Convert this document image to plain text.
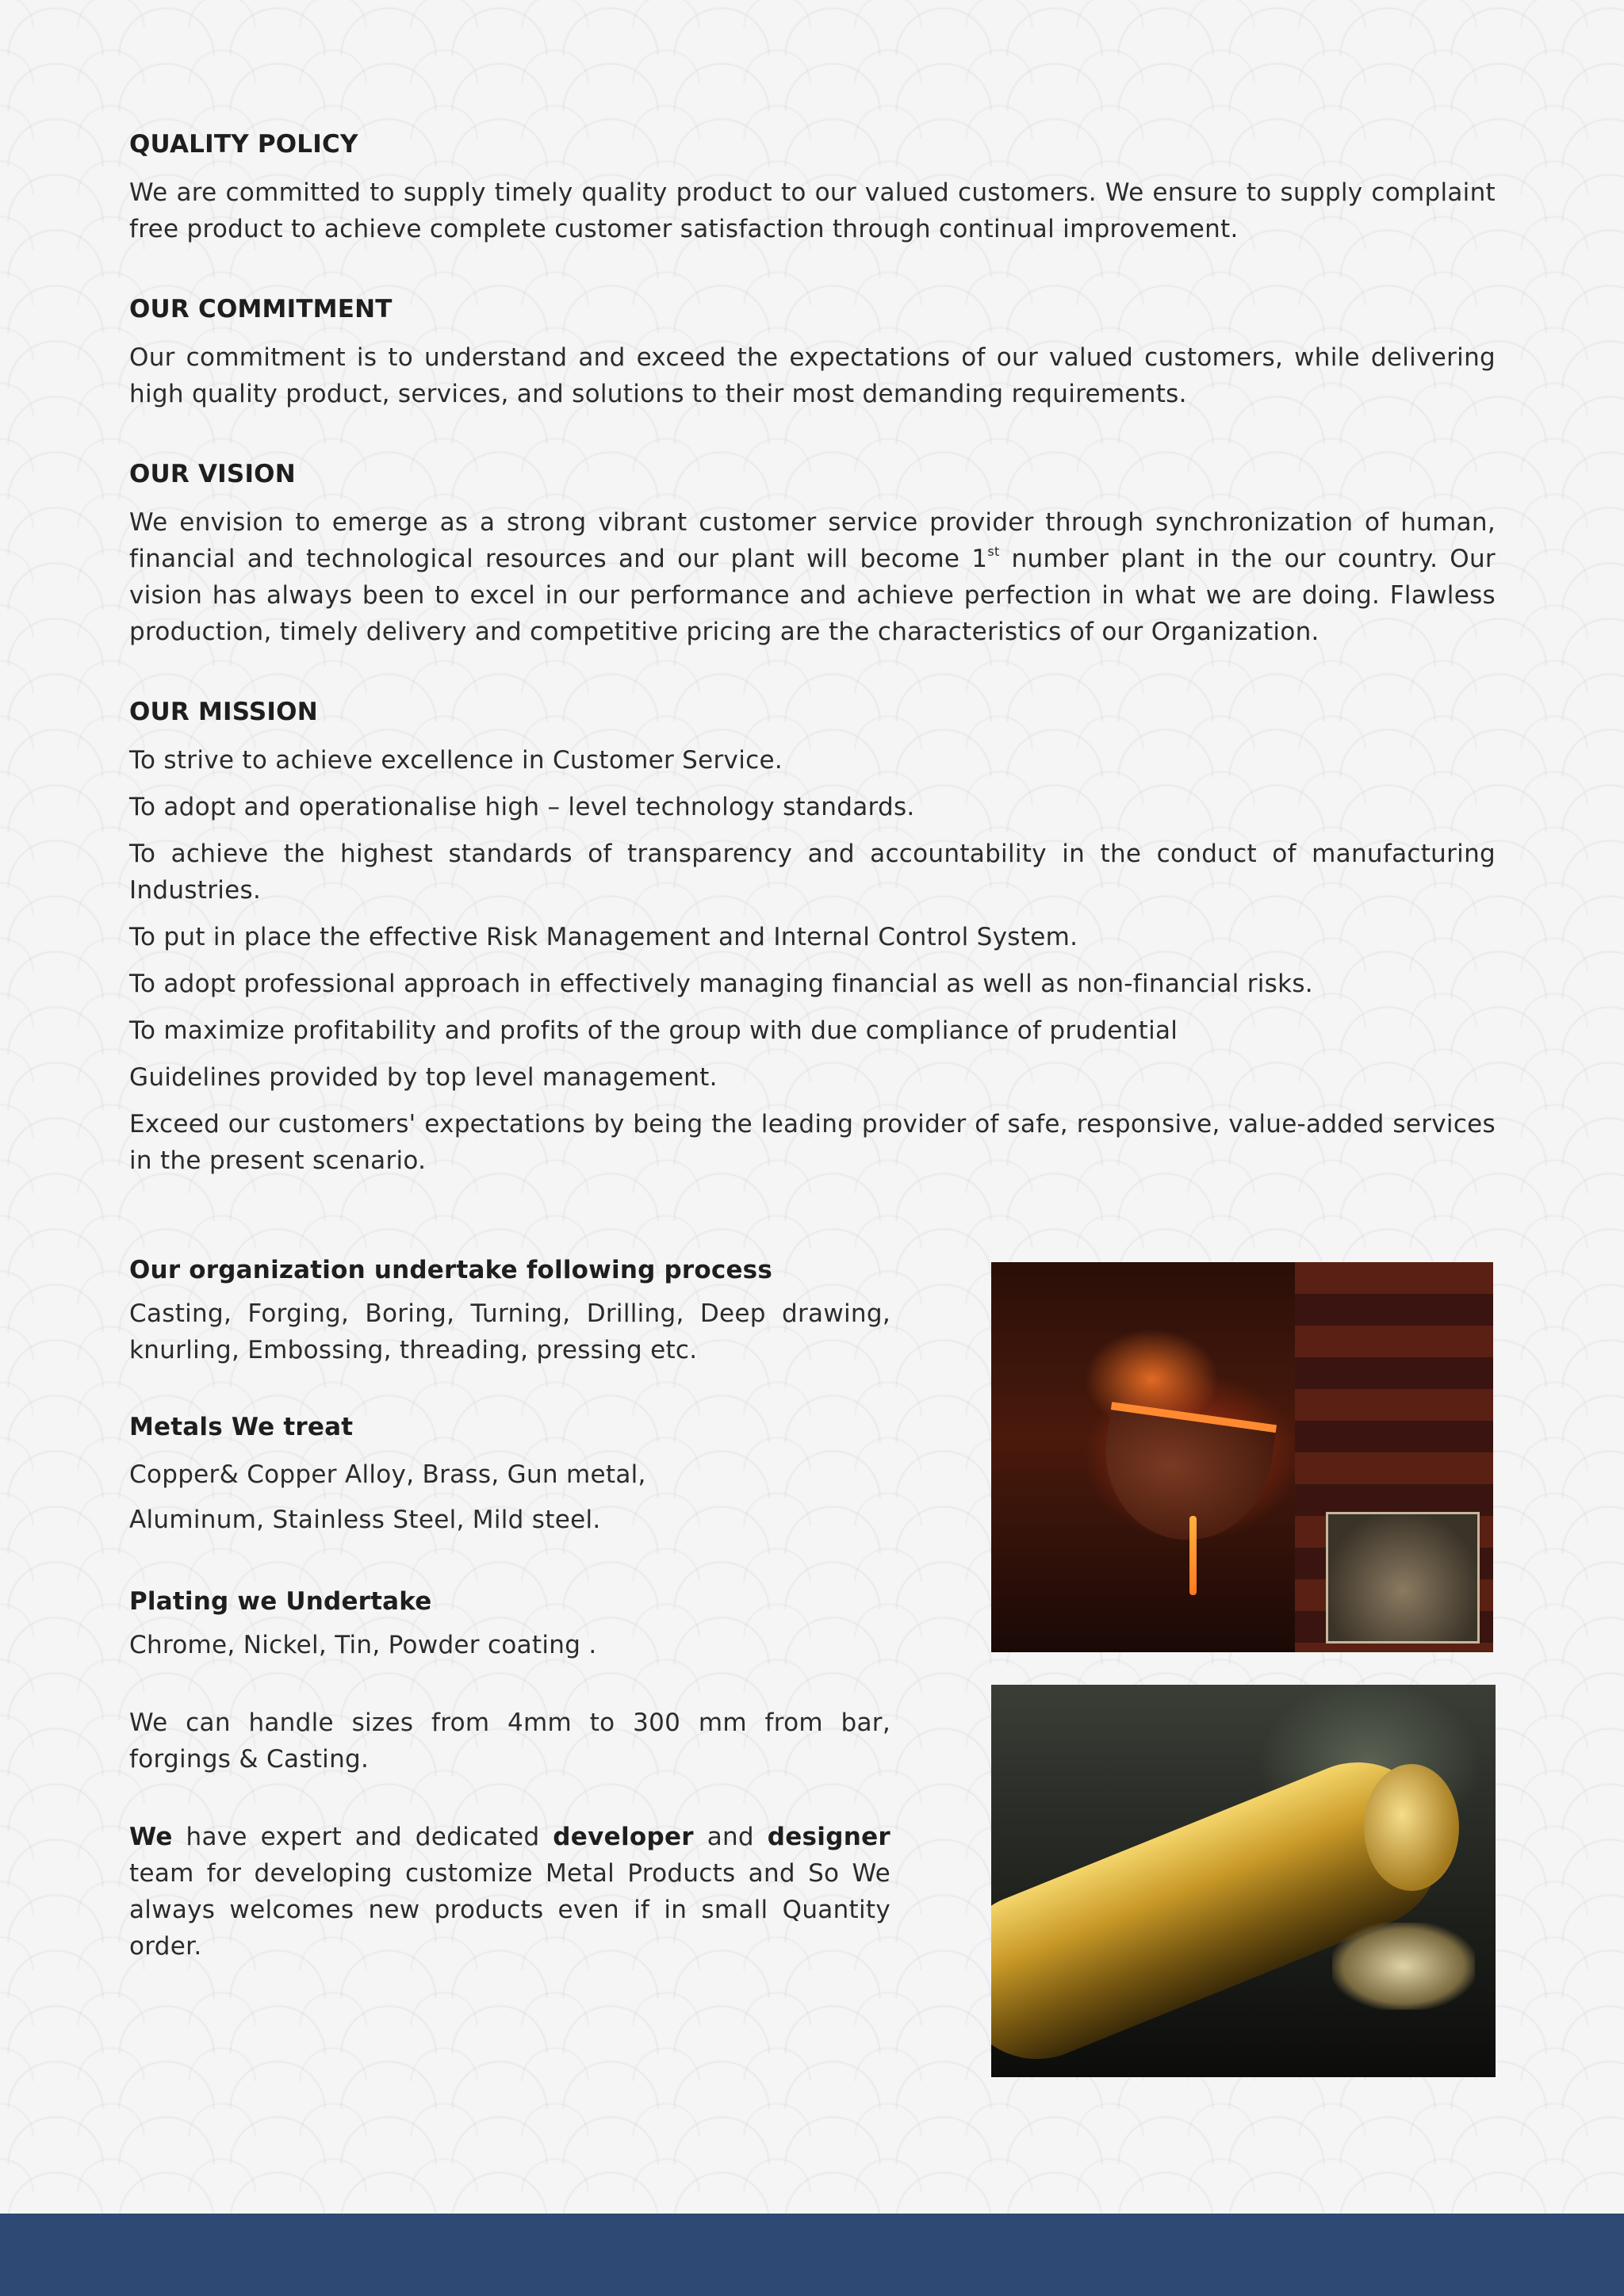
QUALITY POLICY

We are committed to supply timely quality product to our valued customers. We ensure to supply complaint free product to achieve complete customer satisfaction through continual improvement.

OUR COMMITMENT

Our commitment is to understand and exceed the expectations of our valued customers, while delivering high quality product, services, and solutions to their most demanding requirements.

OUR VISION

We envision to emerge as a strong vibrant customer service provider through synchronization of human, financial and technological resources and our plant will become 1st number plant in the our country. Our vision has always been to excel in our performance and achieve perfection in what we are doing. Flawless production, timely delivery and competitive pricing are the characteristics of our Organization.

OUR MISSION

To strive to achieve excellence in Customer Service.

To adopt and operationalise high – level technology standards.

To achieve the highest standards of transparency and accountability in the conduct of manufacturing Industries.

To put in place the effective Risk Management and Internal Control System.

To adopt professional approach in effectively managing financial as well as non-financial risks.

To maximize profitability and profits of the group with due compliance of prudential

Guidelines provided by top level management.

Exceed our customers' expectations by being the leading provider of safe, responsive, value-added services in the present scenario.

Our organization undertake following process

Casting, Forging, Boring, Turning, Drilling, Deep drawing, knurling, Embossing, threading, pressing etc.

Metals We treat

Copper& Copper Alloy, Brass, Gun metal,

Aluminum, Stainless Steel, Mild steel.

Plating we Undertake

Chrome, Nickel, Tin, Powder coating .

We can handle sizes from 4mm to 300 mm from bar, forgings & Casting.

We have expert and dedicated developer and designer team for developing customize Metal Products and So We always welcomes new products even if in small Quantity order.
